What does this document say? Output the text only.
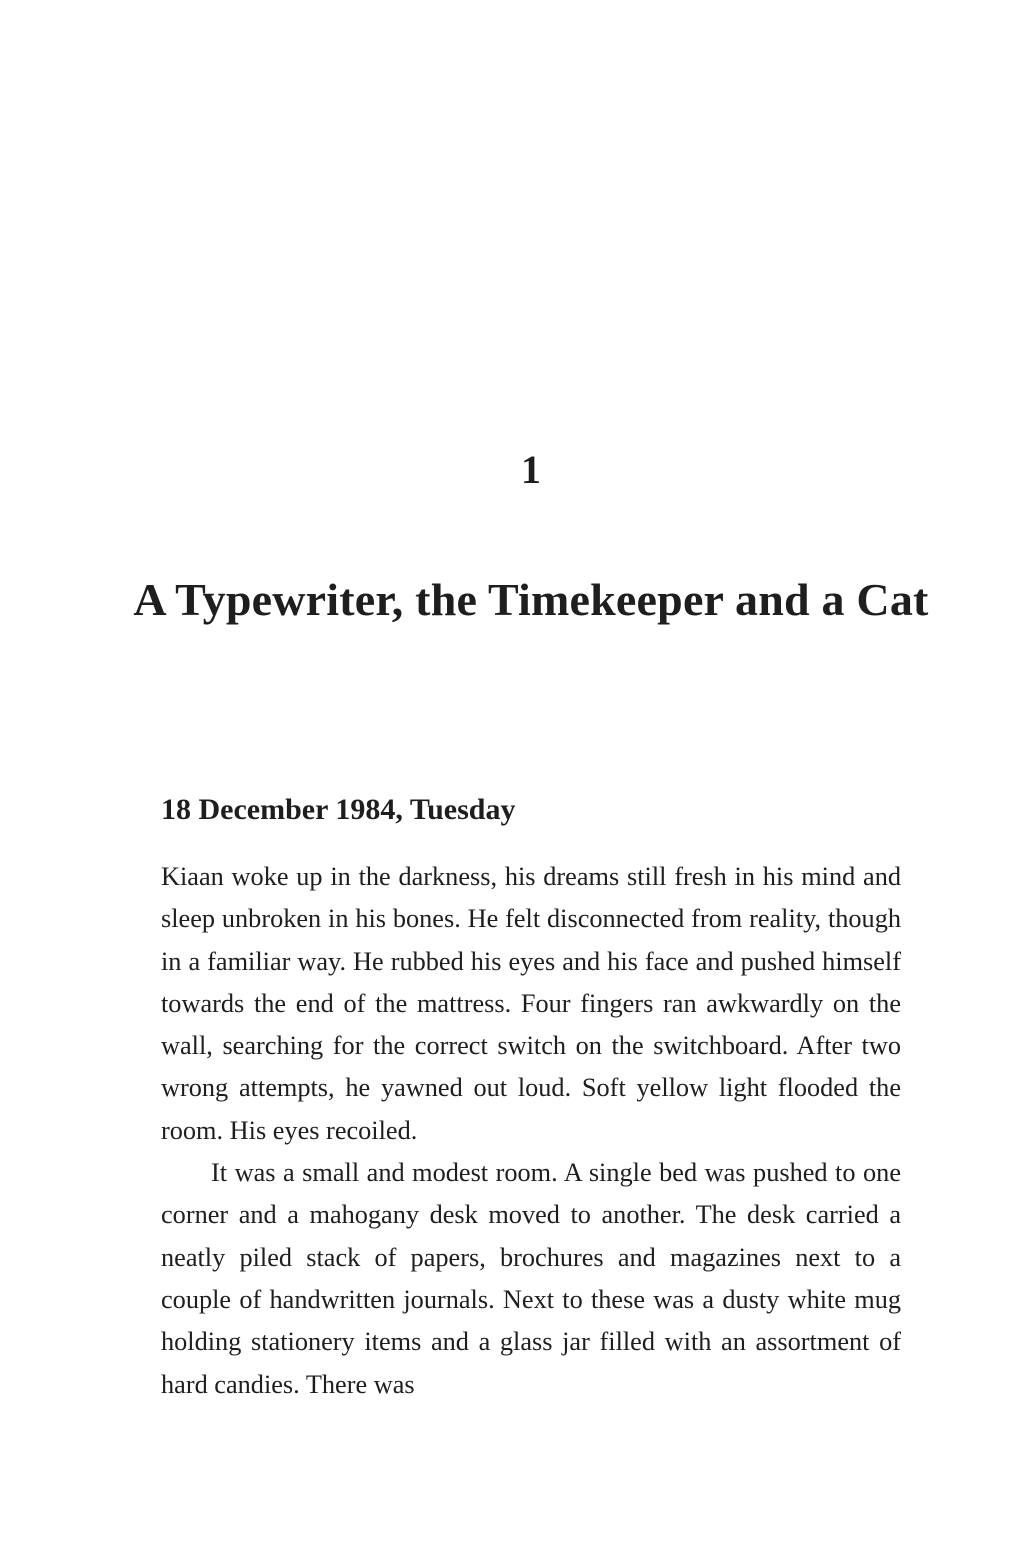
1
A Typewriter, the Timekeeper and a Cat
18 December 1984, Tuesday

Kiaan woke up in the darkness, his dreams still fresh in his mind and sleep unbroken in his bones. He felt disconnected from reality, though in a familiar way. He rubbed his eyes and his face and pushed himself towards the end of the mattress. Four fingers ran awkwardly on the wall, searching for the correct switch on the switchboard. After two wrong attempts, he yawned out loud. Soft yellow light flooded the room. His eyes recoiled.

It was a small and modest room. A single bed was pushed to one corner and a mahogany desk moved to another. The desk carried a neatly piled stack of papers, brochures and magazines next to a couple of handwritten journals. Next to these was a dusty white mug holding stationery items and a glass jar filled with an assortment of hard candies. There was
